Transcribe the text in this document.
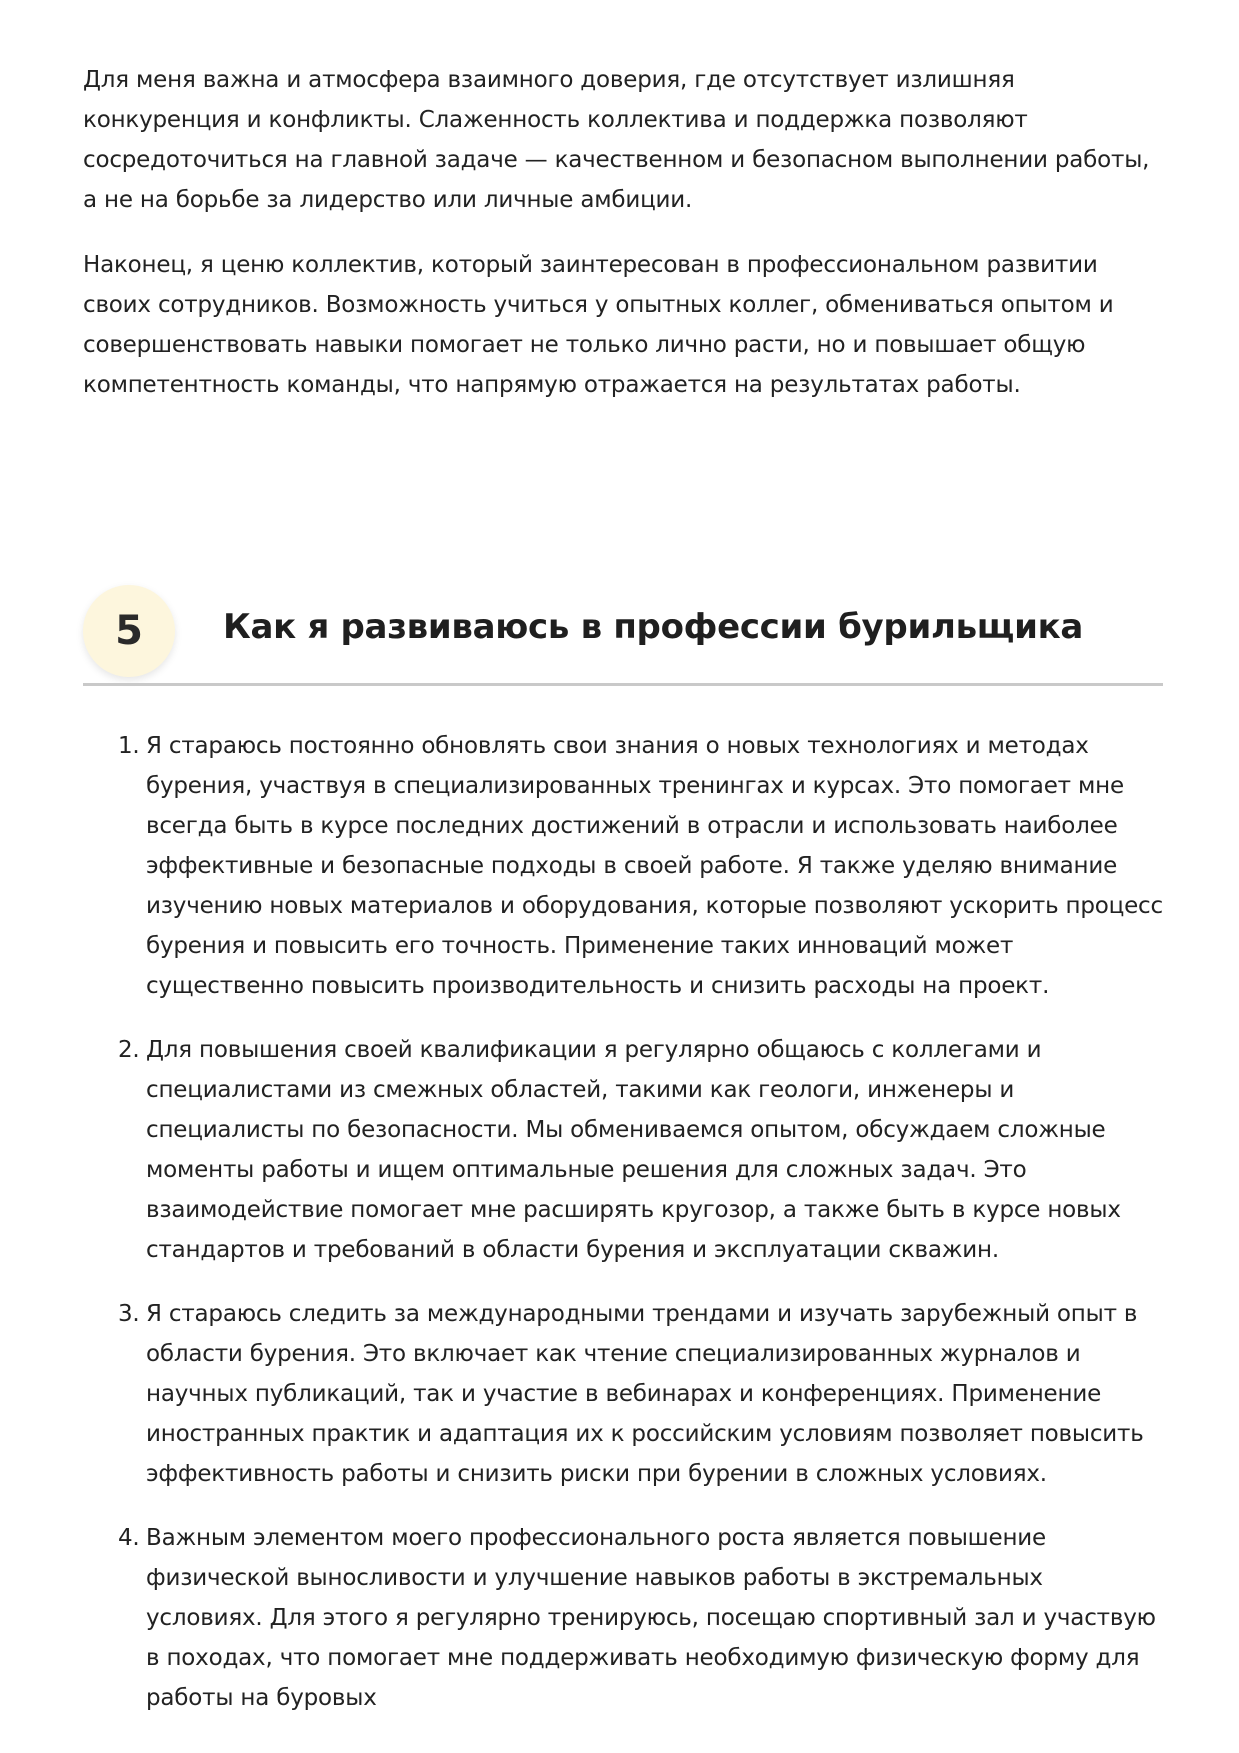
Для меня важна и атмосфера взаимного доверия, где отсутствует излишняя конкуренция и конфликты. Слаженность коллектива и поддержка позволяют сосредоточиться на главной задаче — качественном и безопасном выполнении работы, а не на борьбе за лидерство или личные амбиции.

Наконец, я ценю коллектив, который заинтересован в профессиональном развитии своих сотрудников. Возможность учиться у опытных коллег, обмениваться опытом и совершенствовать навыки помогает не только лично расти, но и повышает общую компетентность команды, что напрямую отражается на результатах работы.

5	Как я развиваюсь в профессии бурильщика
1. Я стараюсь постоянно обновлять свои знания о новых технологиях и методах бурения, участвуя в специализированных тренингах и курсах. Это помогает мне всегда быть в курсе последних достижений в отрасли и использовать наиболее эффективные и безопасные подходы в своей работе. Я также уделяю внимание изучению новых материалов и оборудования, которые позволяют ускорить процесс бурения и повысить его точность. Применение таких инноваций может существенно повысить производительность и снизить расходы на проект.
2. Для повышения своей квалификации я регулярно общаюсь с коллегами и специалистами из смежных областей, такими как геологи, инженеры и специалисты по безопасности. Мы обмениваемся опытом, обсуждаем сложные моменты работы и ищем оптимальные решения для сложных задач. Это взаимодействие помогает мне расширять кругозор, а также быть в курсе новых стандартов и требований в области бурения и эксплуатации скважин.
3. Я стараюсь следить за международными трендами и изучать зарубежный опыт в области бурения. Это включает как чтение специализированных журналов и научных публикаций, так и участие в вебинарах и конференциях. Применение иностранных практик и адаптация их к российским условиям позволяет повысить эффективность работы и снизить риски при бурении в сложных условиях.
4. Важным элементом моего профессионального роста является повышение физической выносливости и улучшение навыков работы в экстремальных условиях. Для этого я регулярно тренируюсь, посещаю спортивный зал и участвую в походах, что помогает мне поддерживать необходимую физическую форму для работы на буровых
